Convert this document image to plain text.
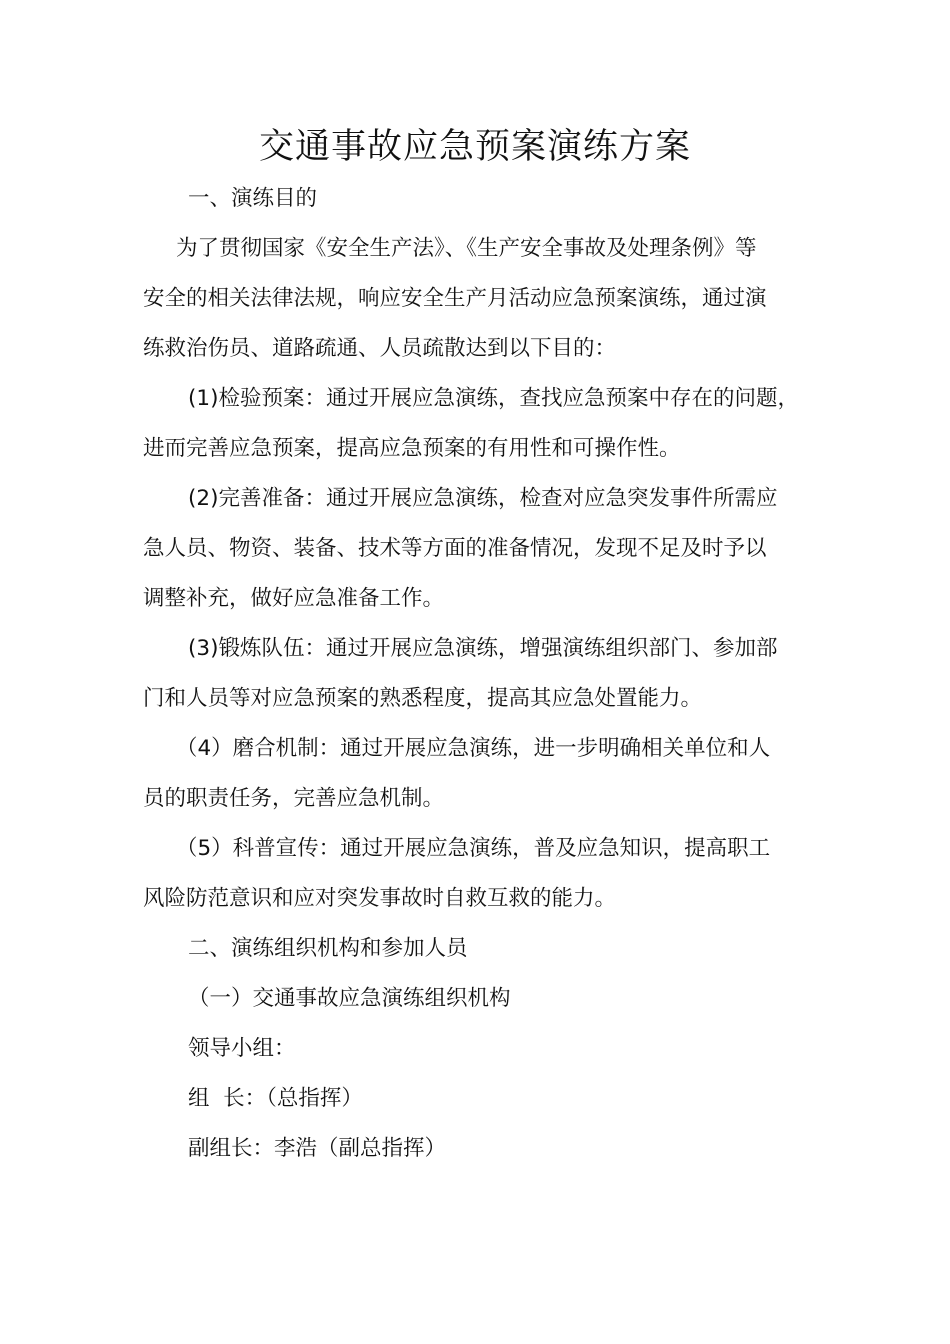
交通事故应急预案演练方案

一、演练目的

为了贯彻国家《安全生产法》、《生产安全事故及处理条例》等

安全的相关法律法规，响应安全生产月活动应急预案演练，通过演

练救治伤员、道路疏通、人员疏散达到以下目的：

(1)检验预案：通过开展应急演练，查找应急预案中存在的问题，

进而完善应急预案，提高应急预案的有用性和可操作性。

(2)完善准备：通过开展应急演练，检查对应急突发事件所需应

急人员、物资、装备、技术等方面的准备情况，发现不足及时予以

调整补充，做好应急准备工作。

(3)锻炼队伍：通过开展应急演练，增强演练组织部门、参加部

门和人员等对应急预案的熟悉程度，提高其应急处置能力。

（4）磨合机制：通过开展应急演练，进一步明确相关单位和人

员的职责任务，完善应急机制。

（5）科普宣传：通过开展应急演练，普及应急知识，提高职工

风险防范意识和应对突发事故时自救互救的能力。

二、演练组织机构和参加人员

（一）交通事故应急演练组织机构

领导小组：

组  长：（总指挥）

副组长：李浩（副总指挥）
